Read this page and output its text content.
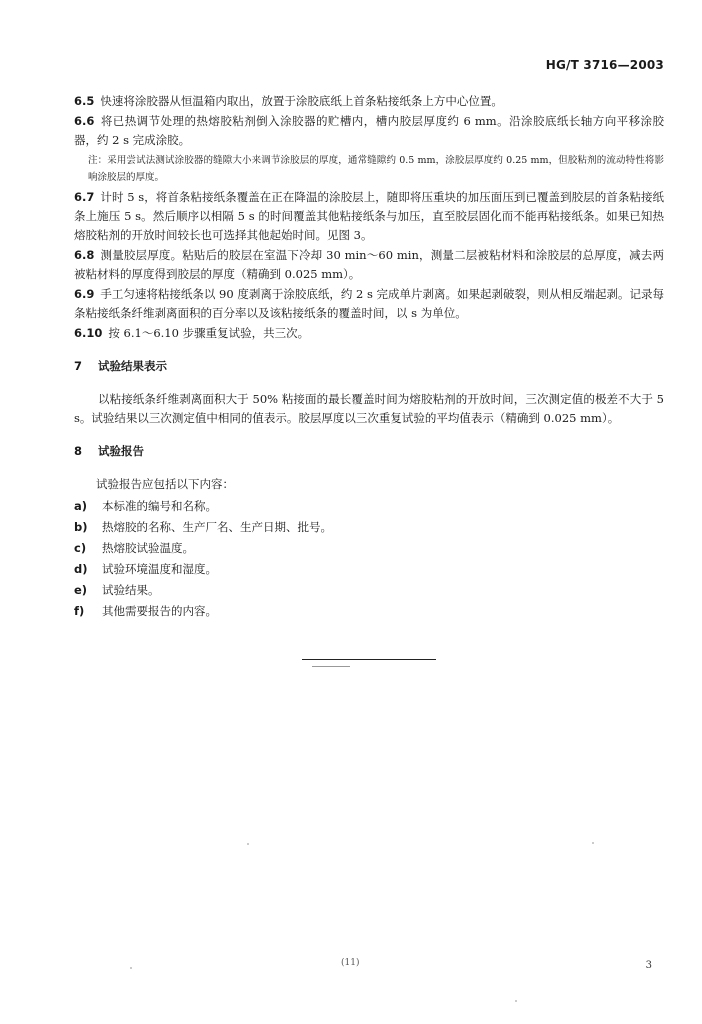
HG/T 3716—2003

6.5 快速将涂胶器从恒温箱内取出，放置于涂胶底纸上首条粘接纸条上方中心位置。

6.6 将已热调节处理的热熔胶粘剂倒入涂胶器的贮槽内，槽内胶层厚度约 6 mm。沿涂胶底纸长轴方向平移涂胶器，约 2 s 完成涂胶。

注：采用尝试法测试涂胶器的缝隙大小来调节涂胶层的厚度，通常缝隙约 0.5 mm，涂胶层厚度约 0.25 mm，但胶粘剂的流动特性将影响涂胶层的厚度。

6.7 计时 5 s，将首条粘接纸条覆盖在正在降温的涂胶层上，随即将压重块的加压面压到已覆盖到胶层的首条粘接纸条上施压 5 s。然后顺序以相隔 5 s 的时间覆盖其他粘接纸条与加压，直至胶层固化而不能再粘接纸条。如果已知热熔胶粘剂的开放时间较长也可选择其他起始时间。见图 3。

6.8 测量胶层厚度。粘贴后的胶层在室温下冷却 30 min～60 min，测量二层被粘材料和涂胶层的总厚度，减去两被粘材料的厚度得到胶层的厚度（精确到 0.025 mm）。

6.9 手工匀速将粘接纸条以 90 度剥离于涂胶底纸，约 2 s 完成单片剥离。如果起剥破裂，则从相反端起剥。记录每条粘接纸条纤维剥离面积的百分率以及该粘接纸条的覆盖时间，以 s 为单位。

6.10 按 6.1～6.10 步骤重复试验，共三次。

7 试验结果表示

以粘接纸条纤维剥离面积大于 50% 粘接面的最长覆盖时间为熔胶粘剂的开放时间，三次测定值的极差不大于 5 s。试验结果以三次测定值中相同的值表示。胶层厚度以三次重复试验的平均值表示（精确到 0.025 mm）。

8 试验报告

试验报告应包括以下内容：

a) 本标准的编号和名称。
b) 热熔胶的名称、生产厂名、生产日期、批号。
c) 热熔胶试验温度。
d) 试验环境温度和湿度。
e) 试验结果。
f) 其他需要报告的内容。
(11)	3
